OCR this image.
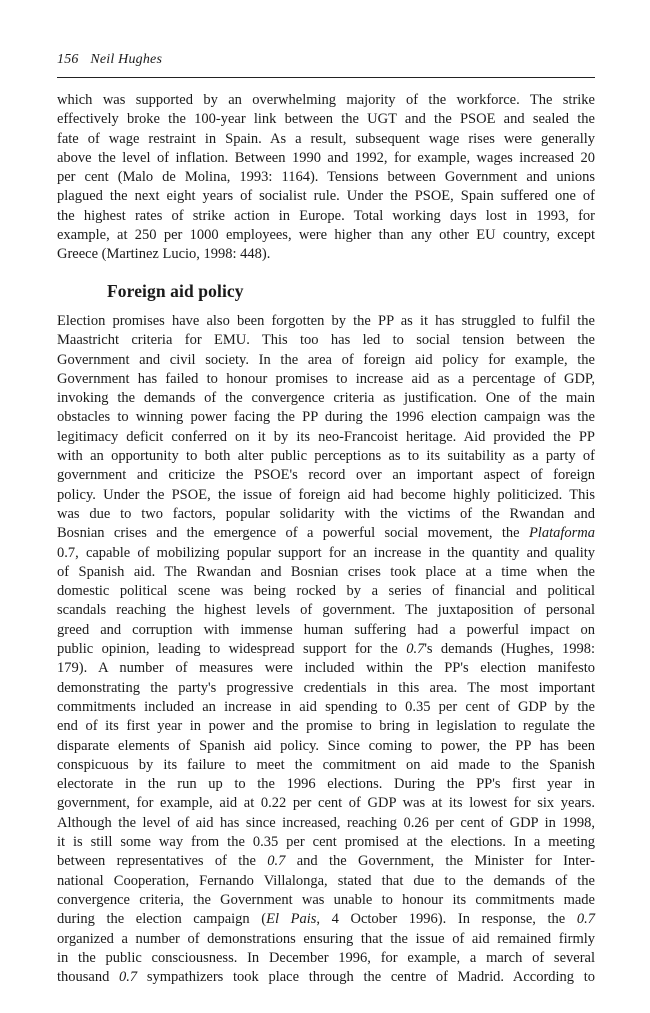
156 Neil Hughes
which was supported by an overwhelming majority of the workforce. The strike
effectively broke the 100-year link between the UGT and the PSOE and sealed the
fate of wage restraint in Spain. As a result, subsequent wage rises were generally
above the level of inflation. Between 1990 and 1992, for example, wages increased 20
per cent (Malo de Molina, 1993: 1164). Tensions between Government and unions
plagued the next eight years of socialist rule. Under the PSOE, Spain suffered one of
the highest rates of strike action in Europe. Total working days lost in 1993, for
example, at 250 per 1000 employees, were higher than any other EU country, except
Greece (Martinez Lucio, 1998: 448).
Foreign aid policy
Election promises have also been forgotten by the PP as it has struggled to fulfil the
Maastricht criteria for EMU. This too has led to social tension between the
Government and civil society. In the area of foreign aid policy for example, the
Government has failed to honour promises to increase aid as a percentage of GDP,
invoking the demands of the convergence criteria as justification. One of the main
obstacles to winning power facing the PP during the 1996 election campaign was the
legitimacy deficit conferred on it by its neo-Francoist heritage. Aid provided the PP
with an opportunity to both alter public perceptions as to its suitability as a party of
government and criticize the PSOE's record over an important aspect of foreign
policy. Under the PSOE, the issue of foreign aid had become highly politicized. This
was due to two factors, popular solidarity with the victims of the Rwandan and
Bosnian crises and the emergence of a powerful social movement, the Plataforma
0.7, capable of mobilizing popular support for an increase in the quantity and quality
of Spanish aid. The Rwandan and Bosnian crises took place at a time when the
domestic political scene was being rocked by a series of financial and political
scandals reaching the highest levels of government. The juxtaposition of personal
greed and corruption with immense human suffering had a powerful impact on
public opinion, leading to widespread support for the 0.7's demands (Hughes, 1998:
179). A number of measures were included within the PP's election manifesto
demonstrating the party's progressive credentials in this area. The most important
commitments included an increase in aid spending to 0.35 per cent of GDP by the
end of its first year in power and the promise to bring in legislation to regulate the
disparate elements of Spanish aid policy. Since coming to power, the PP has been
conspicuous by its failure to meet the commitment on aid made to the Spanish
electorate in the run up to the 1996 elections. During the PP's first year in
government, for example, aid at 0.22 per cent of GDP was at its lowest for six years.
Although the level of aid has since increased, reaching 0.26 per cent of GDP in 1998,
it is still some way from the 0.35 per cent promised at the elections. In a meeting
between representatives of the 0.7 and the Government, the Minister for Inter-
national Cooperation, Fernando Villalonga, stated that due to the demands of the
convergence criteria, the Government was unable to honour its commitments made
during the election campaign (El Pais, 4 October 1996). In response, the 0.7
organized a number of demonstrations ensuring that the issue of aid remained firmly
in the public consciousness. In December 1996, for example, a march of several
thousand 0.7 sympathizers took place through the centre of Madrid. According to
